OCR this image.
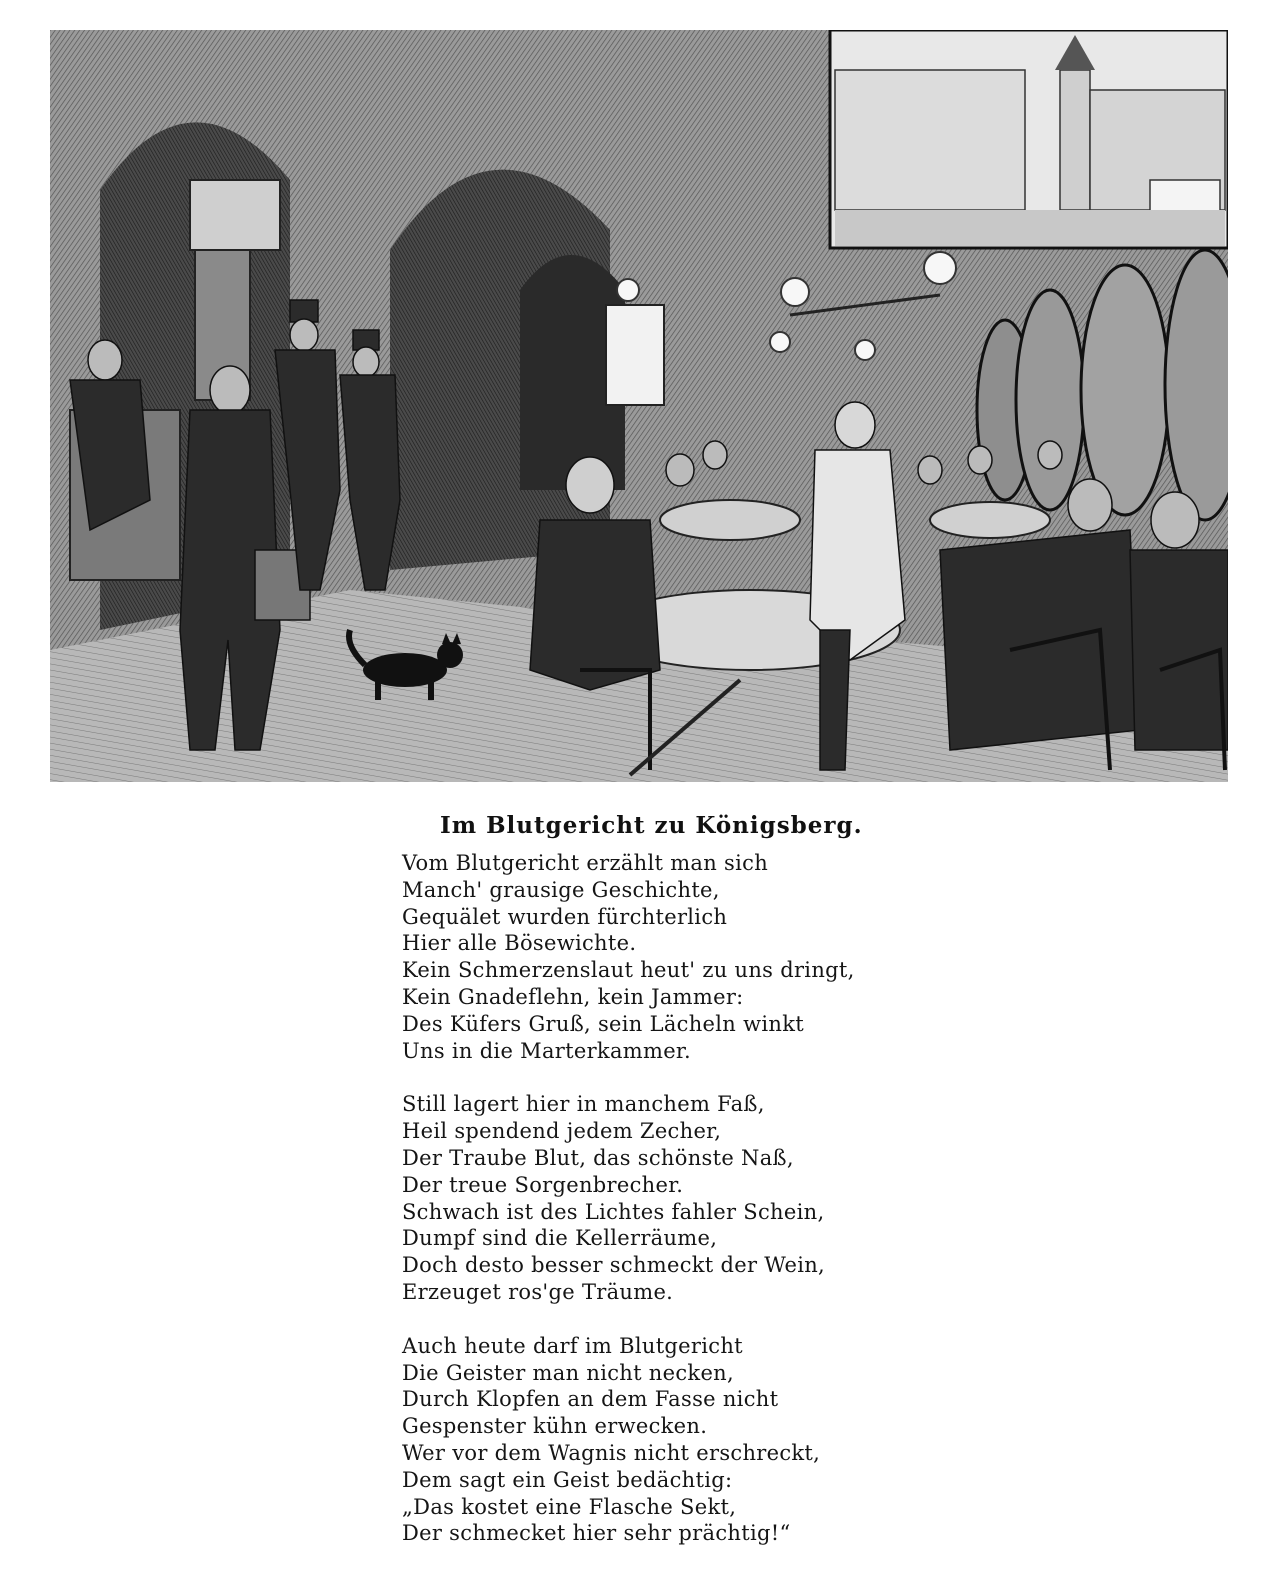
Im Blutgericht zu Königsberg.
Vom Blutgericht erzählt man sich
Manch' grausige Geschichte,
Gequälet wurden fürchterlich
Hier alle Bösewichte.
Kein Schmerzenslaut heut' zu uns dringt,
Kein Gnadeflehn, kein Jammer:
Des Küfers Gruß, sein Lächeln winkt
Uns in die Marterkammer.
Still lagert hier in manchem Faß,
Heil spendend jedem Zecher,
Der Traube Blut, das schönste Naß,
Der treue Sorgenbrecher.
Schwach ist des Lichtes fahler Schein,
Dumpf sind die Kellerräume,
Doch desto besser schmeckt der Wein,
Erzeuget ros'ge Träume.
Auch heute darf im Blutgericht
Die Geister man nicht necken,
Durch Klopfen an dem Fasse nicht
Gespenster kühn erwecken.
Wer vor dem Wagnis nicht erschreckt,
Dem sagt ein Geist bedächtig:
„Das kostet eine Flasche Sekt,
Der schmecket hier sehr prächtig!“
